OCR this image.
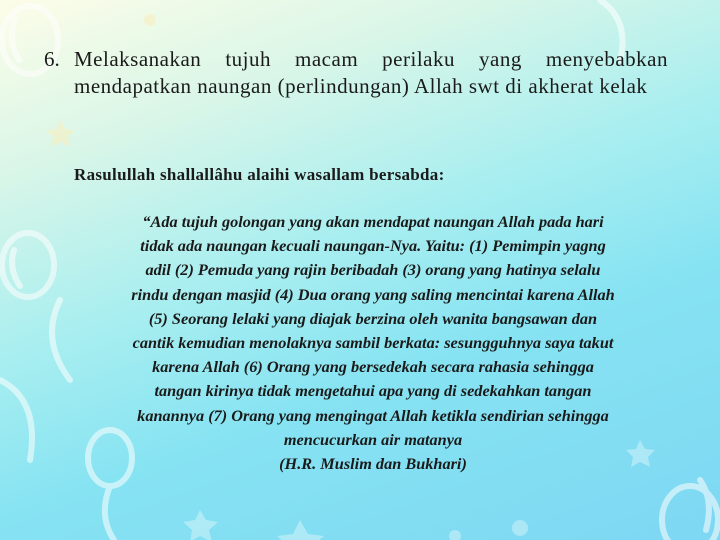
6. Melaksanakan tujuh macam perilaku yang menyebabkan mendapatkan naungan (perlindungan) Allah swt di akherat kelak
Rasulullah shallallâhu alaihi wasallam bersabda:
“Ada tujuh golongan yang akan mendapat naungan Allah pada hari
tidak ada naungan kecuali naungan-Nya. Yaitu: (1) Pemimpin yagng
adil (2) Pemuda yang rajin beribadah (3) orang yang hatinya selalu
rindu dengan masjid (4) Dua orang yang saling mencintai karena Allah
(5) Seorang lelaki yang diajak berzina oleh wanita bangsawan dan
cantik kemudian menolaknya sambil berkata: sesungguhnya saya takut
karena Allah (6) Orang yang bersedekah secara rahasia sehingga
tangan kirinya tidak mengetahui apa yang di sedekahkan tangan
kanannya (7) Orang yang mengingat Allah ketikla sendirian sehingga
mencucurkan air matanya
(H.R. Muslim dan Bukhari)
